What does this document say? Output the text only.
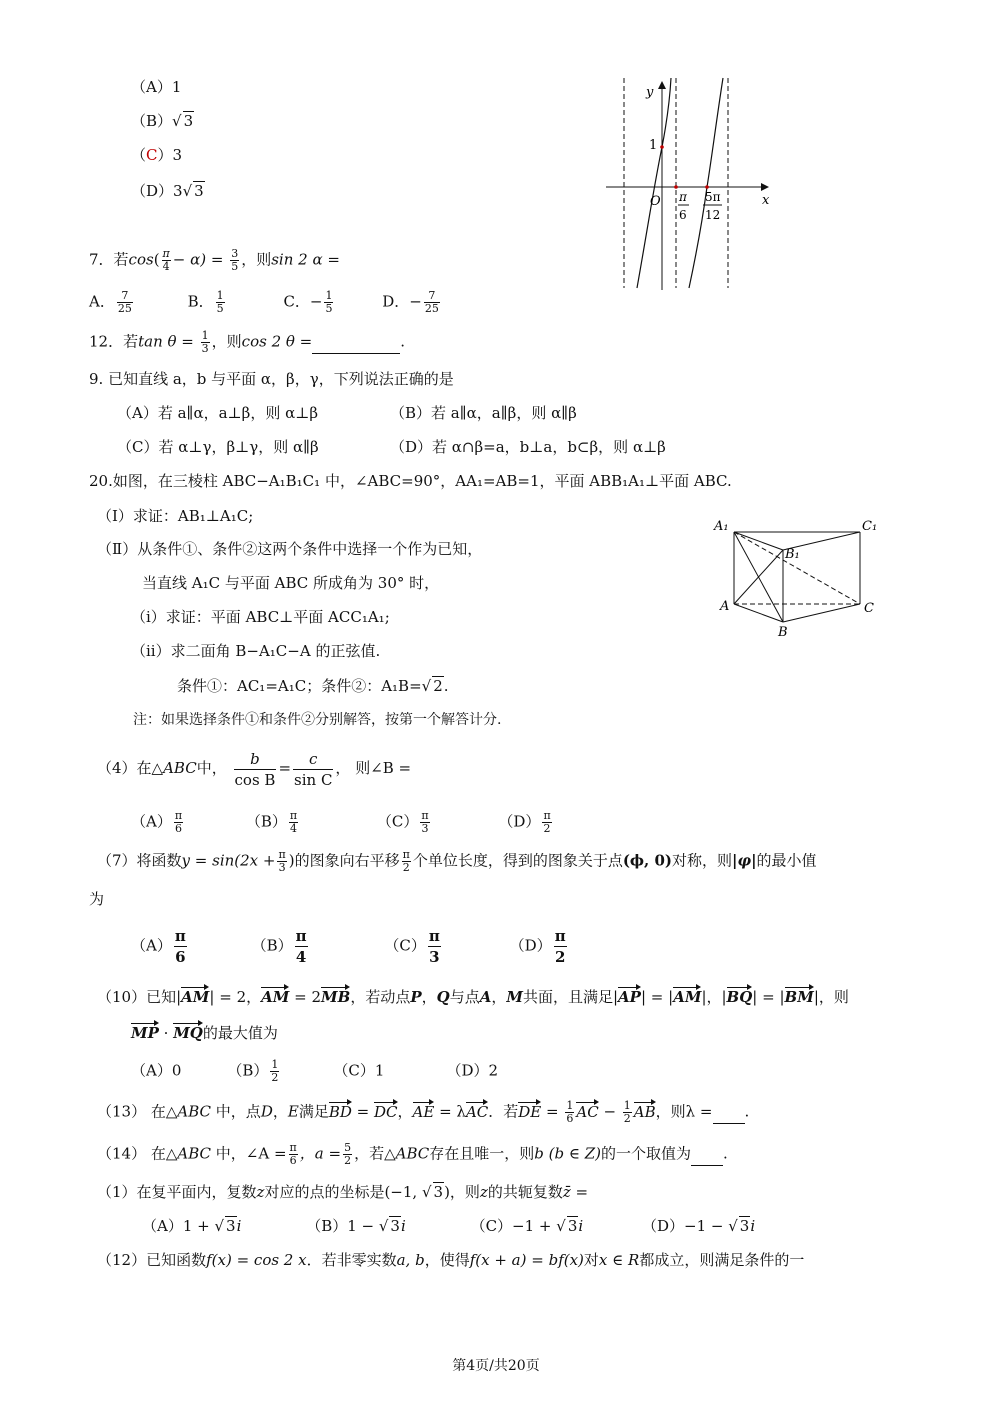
（A）1
（B）√ 3
（C）3
（D）3√ 3
y
x
O
1
π
6
5π
12
7．若$\cos( \frac{\pi}{4} - \alpha) = \frac{3}{5}$ ，则sin 2 α =
A． $\frac{7}{25}$	B． $\frac{1}{5}$	C．− $\frac{1}{5}$	D．− $\frac{7}{25}$
12．若$\tan \theta = \frac{1}{3}$ ，则cos 2 θ =	.
9. 已知直线 a，b 与平面 α，β，γ，下列说法正确的是
（A）若 a∥α，a⊥β，则 α⊥β	（B）若 a∥α，a∥β，则 α∥β
（C）若 α⊥γ，β⊥γ，则 α∥β	（D）若 α∩β=a，b⊥a，b⊂β，则 α⊥β
20.如图，在三棱柱 ABC−A₁B₁C₁ 中，∠ABC=90°，AA₁=AB=1，平面 ABB₁A₁⊥平面 ABC.
（Ⅰ）求证：AB₁⊥A₁C;
（Ⅱ）从条件①、条件②这两个条件中选择一个作为已知，
当直线 A₁C 与平面 ABC 所成角为 30° 时，
（i）求证：平面 ABC⊥平面 ACC₁A₁;
（ii）求二面角 B−A₁C−A 的正弦值.
条件①：AC₁=A₁C；条件②：A₁B=√ 2.
注：如果选择条件①和条件②分别解答，按第一个解答计分.
A₁	C₁
B₁
A	C
B
（4）在△ABC中， $\frac{b}{\text{cos B}} = \frac{c}{\text{sin C}}$ ， 则∠B =
$(A) \frac{\pi}{6}$	$(B) \frac{\pi}{4}$	$(C) \frac{\pi}{3}$	$(D) \frac{\pi}{2}$
（7）将函数$y = \sin(2x + \frac{\pi}{3}$ )的图象向右平移 $\frac{\pi}{2}$ 个单位长度，得到的图象关于点(ϕ, 0)对称，则|φ|的最小值
为
$(A) \frac{\pi}{6}$	$(B) \frac{\pi}{4}$	$(C) \frac{\pi}{3}$	$(D) \frac{\pi}{2}$
（10）已知|AM| = 2，AM = 2MB，若动点P，Q与点A，M共面，且满足|AP| = |AM|，|BQ| = |BM|，则
MP · MQ的最大值为
（A）0	$(B) \frac{1}{2}$	（C）1	（D）2
（13） 在△ABC 中，点D，E满足BD = DC，AE = λAC．若DE = $\frac{1}{6}$ AC − $\frac{1}{2}$ AB，则λ = .
（14） 在△ABC 中，∠A = $\frac{\pi}{6}$ ，$a = \frac{5}{2}$ ，若△ABC存在且唯一，则b (b ∈ Z)的一个取值为 .
（1）在复平面内，复数z对应的点的坐标是(−1, √ 3)，则z的共轭复数z̄ =
（A）1 + √ 3i	（B）1 − √ 3i	（C）−1 + √ 3i	（D）−1 − √ 3i
（12）已知函数f(x) = cos 2 x．若非零实数a, b，使得f(x + a) = bf(x)对x ∈ R都成立，则满足条件的一
第4页/共20页
